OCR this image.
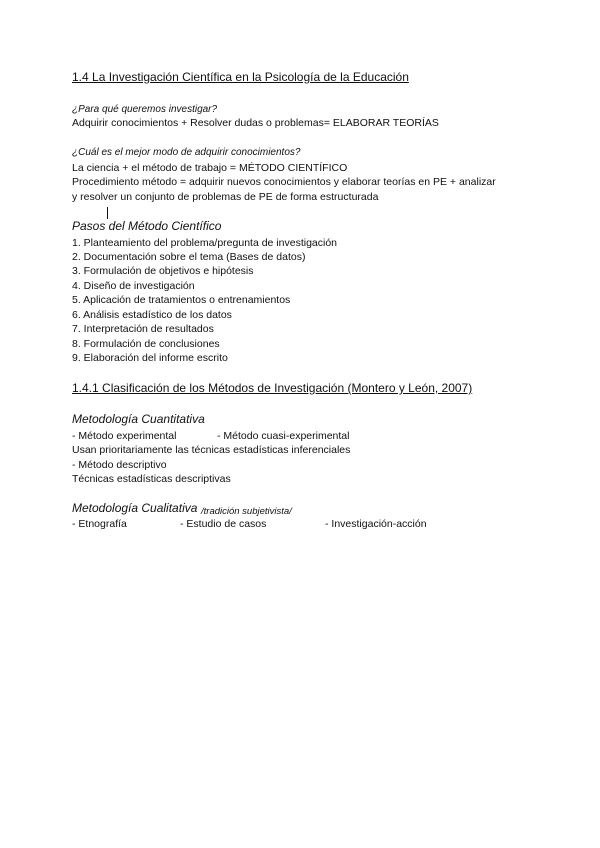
1.4 La Investigación Científica en la Psicología de la Educación
¿Para qué queremos investigar?
Adquirir conocimientos + Resolver dudas o problemas= ELABORAR TEORÍAS
¿Cuál es el mejor modo de adquirir conocimientos?
La ciencia + el método de trabajo = MÉTODO CIENTÍFICO
Procedimiento método = adquirir nuevos conocimientos y elaborar teorías en PE + analizar
y resolver un conjunto de problemas de PE de forma estructurada
Pasos del Método Científico
1. Planteamiento del problema/pregunta de investigación
2. Documentación sobre el tema (Bases de datos)
3. Formulación de objetivos e hipótesis
4. Diseño de investigación
5. Aplicación de tratamientos o entrenamientos
6. Análisis estadístico de los datos
7. Interpretación de resultados
8. Formulación de conclusiones
9. Elaboración del informe escrito
1.4.1 Clasificación de los Métodos de Investigación (Montero y León, 2007)
Metodología Cuantitativa
- Método experimental	- Método cuasi-experimental
Usan prioritariamente las técnicas estadísticas inferenciales
- Método descriptivo
Técnicas estadísticas descriptivas
Metodología Cualitativa /tradición subjetivista/
- Etnografía	- Estudio de casos	- Investigación-acción
